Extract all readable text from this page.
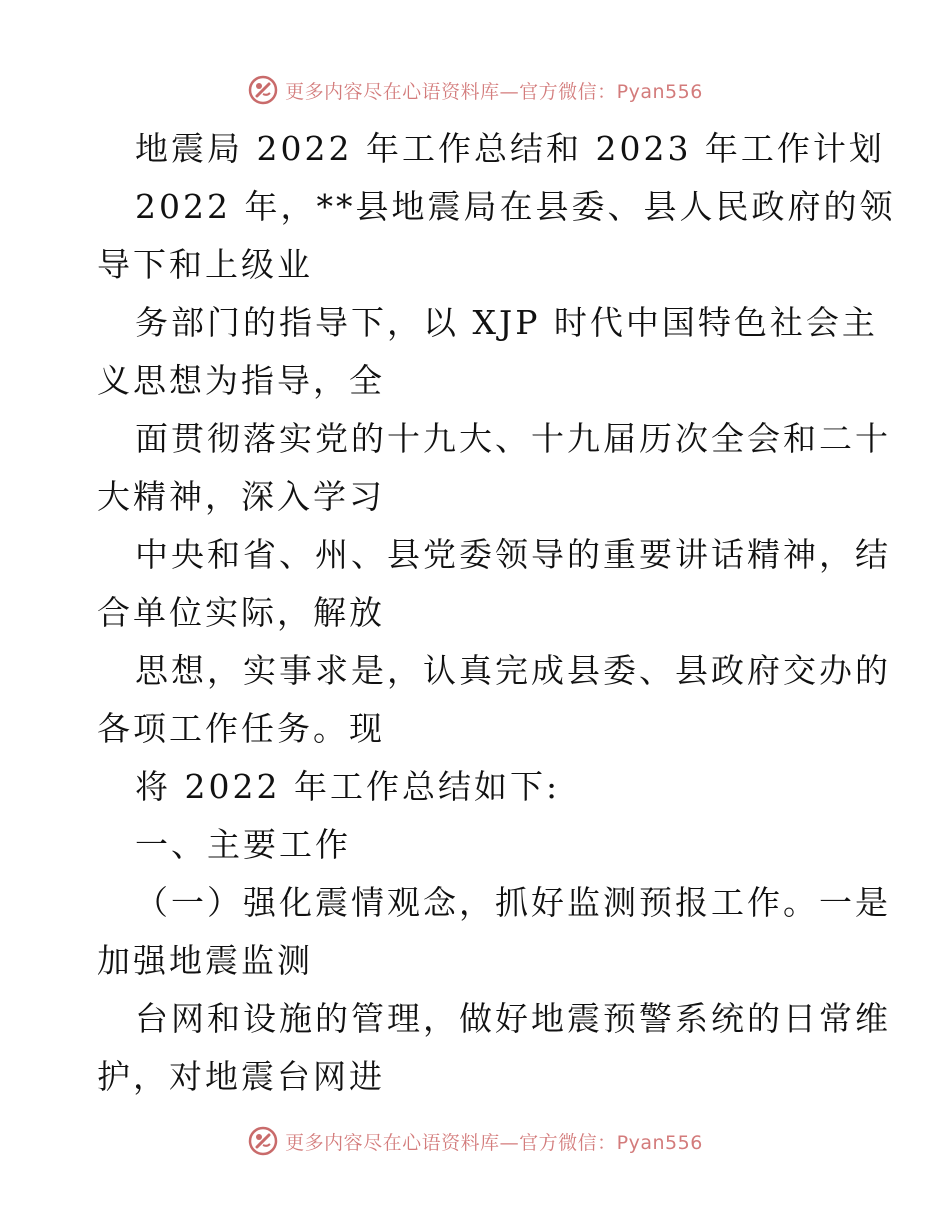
更多内容尽在心语资料库—官方微信：Pyan556
地震局 2022 年工作总结和 2023 年工作计划
2022 年，**县地震局在县委、县人民政府的领
导下和上级业
务部门的指导下，以 XJP 时代中国特色社会主
义思想为指导，全
面贯彻落实党的十九大、十九届历次全会和二十
大精神，深入学习
中央和省、州、县党委领导的重要讲话精神，结
合单位实际，解放
思想，实事求是，认真完成县委、县政府交办的
各项工作任务。现
将 2022 年工作总结如下:
一、主要工作
（一）强化震情观念，抓好监测预报工作。一是
加强地震监测
台网和设施的管理，做好地震预警系统的日常维
护，对地震台网进
更多内容尽在心语资料库—官方微信：Pyan556
